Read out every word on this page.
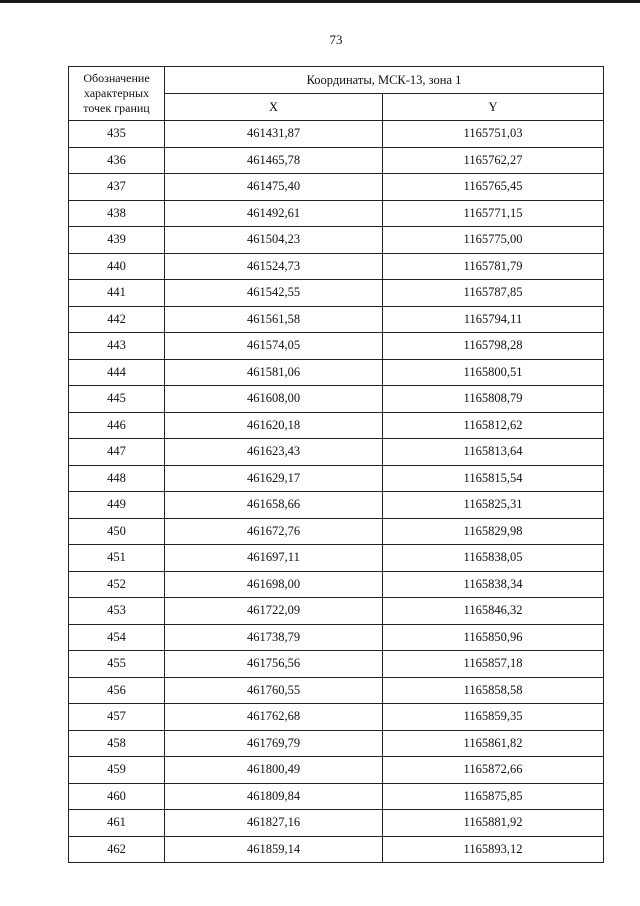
73
Обозначение характерных точек границ	Координаты, МСК-13, зона 1	
	X	Y
435	461431,87	1165751,03
436	461465,78	1165762,27
437	461475,40	1165765,45
438	461492,61	1165771,15
439	461504,23	1165775,00
440	461524,73	1165781,79
441	461542,55	1165787,85
442	461561,58	1165794,11
443	461574,05	1165798,28
444	461581,06	1165800,51
445	461608,00	1165808,79
446	461620,18	1165812,62
447	461623,43	1165813,64
448	461629,17	1165815,54
449	461658,66	1165825,31
450	461672,76	1165829,98
451	461697,11	1165838,05
452	461698,00	1165838,34
453	461722,09	1165846,32
454	461738,79	1165850,96
455	461756,56	1165857,18
456	461760,55	1165858,58
457	461762,68	1165859,35
458	461769,79	1165861,82
459	461800,49	1165872,66
460	461809,84	1165875,85
461	461827,16	1165881,92
462	461859,14	1165893,12
